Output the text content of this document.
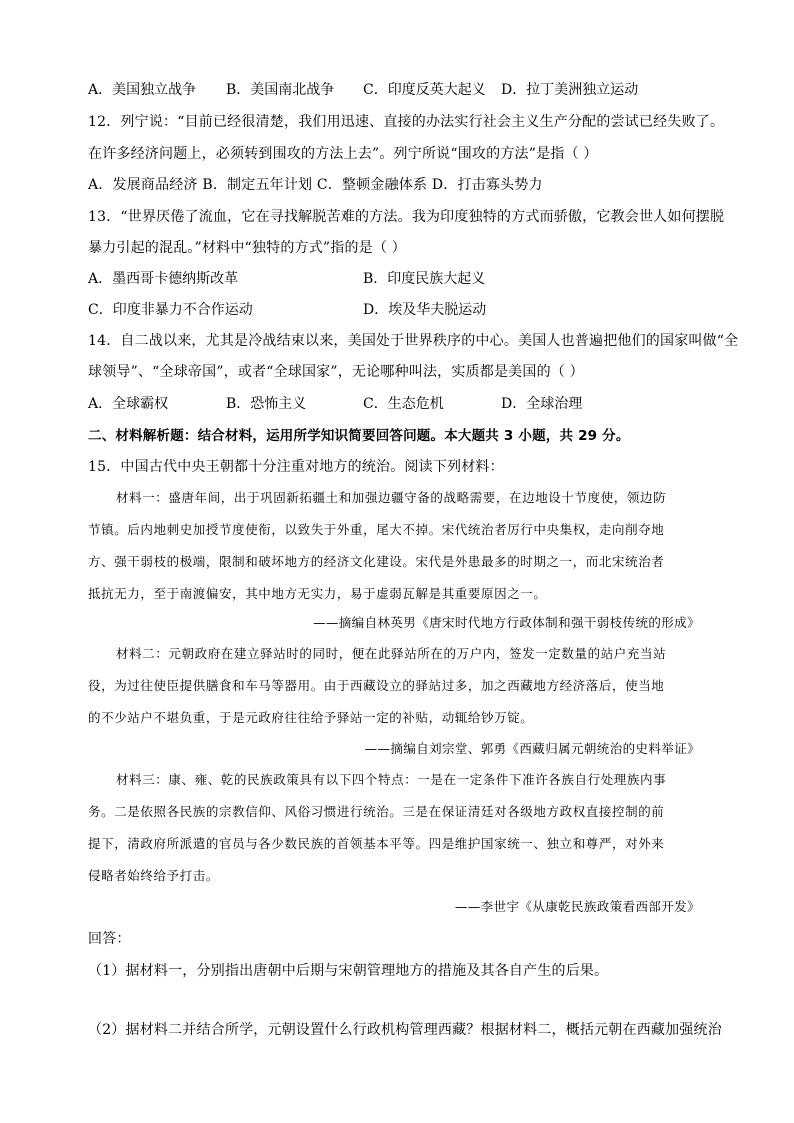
A．美国独立战争 B．美国南北战争 C．印度反英大起义 D．拉丁美洲独立运动
12．列宁说：“目前已经很清楚，我们用迅速、直接的办法实行社会主义生产分配的尝试已经失败了。
在许多经济问题上，必须转到围攻的方法上去”。列宁所说“围攻的方法”是指（ ）
A．发展商品经济 B．制定五年计划 C．整顿金融体系 D．打击寡头势力
13．“世界厌倦了流血，它在寻找解脱苦难的方法。我为印度独特的方式而骄傲，它教会世人如何摆脱
暴力引起的混乱。”材料中“独特的方式”指的是（ ）
A．墨西哥卡德纳斯改革	B．印度民族大起义
C．印度非暴力不合作运动	D．埃及华夫脱运动
14．自二战以来，尤其是冷战结束以来，美国处于世界秩序的中心。美国人也普遍把他们的国家叫做“全
球领导”、“全球帝国”，或者“全球国家”，无论哪种叫法，实质都是美国的（ ）
A．全球霸权	B．恐怖主义	C．生态危机	D．全球治理
二、材料解析题：结合材料，运用所学知识简要回答问题。本大题共 3 小题，共 29 分。
15．中国古代中央王朝都十分注重对地方的统治。阅读下列材料：
材料一：盛唐年间，出于巩固新拓疆土和加强边疆守备的战略需要，在边地设十节度使，领边防
节镇。后内地刺史加授节度使衔，以致失于外重，尾大不掉。宋代统治者厉行中央集权，走向削夺地
方、强干弱枝的极端，限制和破坏地方的经济文化建设。宋代是外患最多的时期之一，而北宋统治者
抵抗无力，至于南渡偏安，其中地方无实力，易于虚弱瓦解是其重要原因之一。
——摘编自林英男《唐宋时代地方行政体制和强干弱枝传统的形成》
材料二：元朝政府在建立驿站时的同时，便在此驿站所在的万户内，签发一定数量的站户充当站
役，为过往使臣提供膳食和车马等器用。由于西藏设立的驿站过多，加之西藏地方经济落后，使当地
的不少站户不堪负重，于是元政府往往给予驿站一定的补贴，动辄给钞万锭。
——摘编自刘宗堂、郭勇《西藏归属元朝统治的史料举证》
材料三：康、雍、乾的民族政策具有以下四个特点：一是在一定条件下准许各族自行处理族内事
务。二是依照各民族的宗教信仰、风俗习惯进行统治。三是在保证清廷对各级地方政权直接控制的前
提下，清政府所派遣的官员与各少数民族的首领基本平等。四是维护国家统一、独立和尊严，对外来
侵略者始终给予打击。
——李世宇《从康乾民族政策看西部开发》
回答：
（1）据材料一，分别指出唐朝中后期与宋朝管理地方的措施及其各自产生的后果。
（2）据材料二并结合所学，元朝设置什么行政机构管理西藏？根据材料二，概括元朝在西藏加强统治
